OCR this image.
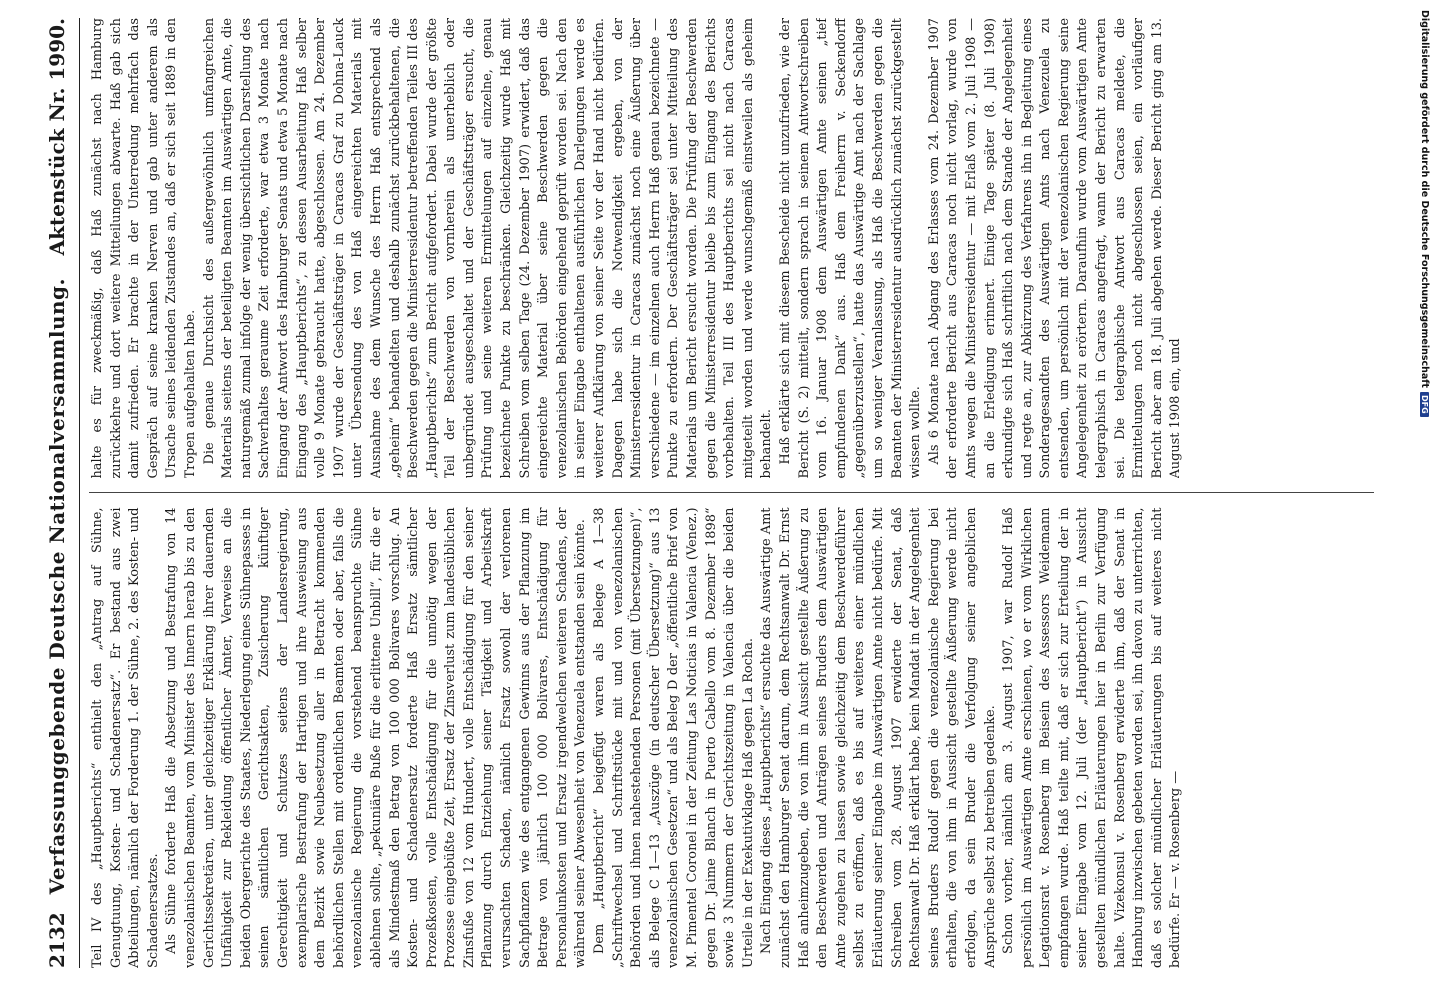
2132
Verfassunggebende Deutsche Nationalversammlung.
Aktenstück Nr. 1990.

Teil IV des „Hauptberichts“ enthielt den „Antrag auf Sühne, Genugtuung, Kosten- und Schadenersatz“. Er bestand aus zwei Abteilungen, nämlich der Forderung 1. der Sühne, 2. des Kosten- und Schadenersatzes. Als Sühne forderte Haß die Absetzung und Bestrafung von 14 venezolanischen Beamten, vom Minister des Innern herab bis zu den Gerichtssekretären, unter gleichzeitiger Erklärung ihrer dauernden Unfähigkeit zur Bekleidung öffentlicher Ämter, Verweise an die beiden Obergerichte des Staates, Niederlegung eines Sühnepasses in seinen sämtlichen Gerichtsakten, Zusicherung künftiger Gerechtigkeit und Schutzes seitens der Landesregierung, exemplarische Bestrafung der Hartigen und ihre Ausweisung aus dem Bezirk sowie Neubesetzung aller in Betracht kommenden behördlichen Stellen mit ordentlichen Beamten oder aber, falls die venezolanische Regierung die vorstehend beanspruchte Sühne ablehnen sollte, „pekuniäre Buße für die erlittene Unbill“, für die er als Mindestmaß den Betrag von 100 000 Bolivares vorschlug. An Kosten- und Schadenersatz forderte Haß Ersatz sämtlicher Prozeßkosten, volle Entschädigung für die unnötig wegen der Prozesse eingebüßte Zeit, Ersatz der Zinsverlust zum landesüblichen Zinsfuße von 12 vom Hundert, volle Entschädigung für den seiner Pflanzung durch Entziehung seiner Tätigkeit und Arbeitskraft verursachten Schaden, nämlich Ersatz sowohl der verlorenen Sachpflanzen wie des entgangenen Gewinns aus der Pflanzung im Betrage von jährlich 100 000 Bolivares, Entschädigung für Personalunkosten und Ersatz irgendwelchen weiteren Schadens, der während seiner Abwesenheit von Venezuela entstanden sein könnte. Dem „Hauptbericht“ beigefügt waren als Belege A 1—38 „Schriftwechsel und Schriftstücke mit und von venezolanischen Behörden und ihnen nahestehenden Personen (mit Übersetzungen)“, als Belege C 1—13 „Auszüge (in deutscher Übersetzung)“ aus 13 venezolanischen Gesetzen“ und als Beleg D der „öffentliche Brief von M. Pimentel Coronel in der Zeitung Las Noticias in Valencia (Venez.) gegen Dr. Jaime Blanch in Puerto Cabello vom 8. Dezember 1898“ sowie 3 Nummern der Gerichtszeitung in Valencia über die beiden Urteile in der Exekutivklage Haß gegen La Rocha. Nach Eingang dieses „Hauptberichts“ ersuchte das Auswärtige Amt zunächst den Hamburger Senat darum, dem Rechtsanwalt Dr. Ernst Haß anheimzugeben, die von ihm in Aussicht gestellte Äußerung zu den Beschwerden und Anträgen seines Bruders dem Auswärtigen Amte zugehen zu lassen sowie gleichzeitig dem Beschwerdeführer selbst zu eröffnen, daß es bis auf weiteres einer mündlichen Erläuterung seiner Eingabe im Auswärtigen Amte nicht bedürfe. Mit Schreiben vom 28. August 1907 erwiderte der Senat, daß Rechtsanwalt Dr. Haß erklärt habe, kein Mandat in der Angelegenheit seines Bruders Rudolf gegen die venezolanische Regierung bei erhalten, die von ihm in Aussicht gestellte Äußerung werde nicht erfolgen, da sein Bruder die Verfolgung seiner angeblichen Ansprüche selbst zu betreiben gedenke. Schon vorher, nämlich am 3. August 1907, war Rudolf Haß persönlich im Auswärtigen Amte erschienen, wo er vom Wirklichen Legationsrat v. Rosenberg im Beisein des Assessors Weidemann empfangen wurde. Haß teilte mit, daß er sich zur Erteilung der in seiner Eingabe vom 12. Juli (der „Hauptbericht“) in Aussicht gestellten mündlichen Erläuterungen hier in Berlin zur Verfügung halte. Vizekonsul v. Rosenberg erwiderte ihm, daß der Senat in Hamburg inzwischen gebeten worden sei, ihn davon zu unterrichten, daß es solcher mündlicher Erläuterungen bis auf weiteres nicht bedürfe. Er — v. Rosenberg —

halte es für zweckmäßig, daß Haß zunächst nach Hamburg zurückkehre und dort weitere Mitteilungen abwarte. Haß gab sich damit zufrieden. Er brachte in der Unterredung mehrfach das Gespräch auf seine kranken Nerven und gab unter anderem als Ursache seines leidenden Zustandes an, daß er sich seit 1889 in den Tropen aufgehalten habe. Die genaue Durchsicht des außergewöhnlich umfangreichen Materials seitens der beteiligten Beamten im Auswärtigen Amte, die naturgemäß zumal infolge der wenig übersichtlichen Darstellung des Sachverhaltes geraume Zeit erforderte, war etwa 3 Monate nach Eingang der Antwort des Hamburger Senats und etwa 5 Monate nach Eingang des „Hauptberichts“, zu dessen Ausarbeitung Haß selber volle 9 Monate gebraucht hatte, abgeschlossen. Am 24. Dezember 1907 wurde der Geschäftsträger in Caracas Graf zu Dohna-Lauck unter Übersendung des von Haß eingereichten Materials mit Ausnahme des dem Wunsche des Herrn Haß entsprechend als „geheim“ behandelten und deshalb zunächst zurückbehaltenen, die Beschwerden gegen die Ministerresidentur betreffenden Teiles III des „Hauptberichts“ zum Bericht aufgefordert. Dabei wurde der größte Teil der Beschwerden von vornherein als unerheblich oder unbegründet ausgeschaltet und der Geschäftsträger ersucht, die Prüfung und seine weiteren Ermittelungen auf einzelne, genau bezeichnete Punkte zu beschränken. Gleichzeitig wurde Haß mit Schreiben vom selben Tage (24. Dezember 1907) erwidert, daß das eingereichte Material über seine Beschwerden gegen die venezolanischen Behörden eingehend geprüft worden sei. Nach den in seiner Eingabe enthaltenen ausführlichen Darlegungen werde es weiterer Aufklärung von seiner Seite vor der Hand nicht bedürfen. Dagegen habe sich die Notwendigkeit ergeben, von der Ministerresidentur in Caracas zunächst noch eine Äußerung über verschiedene — im einzelnen auch Herrn Haß genau bezeichnete — Punkte zu erfordern. Der Geschäftsträger sei unter Mitteilung des Materials um Bericht ersucht worden. Die Prüfung der Beschwerden gegen die Ministerresidentur bleibe bis zum Eingang des Berichts vorbehalten. Teil III des Hauptberichts sei nicht nach Caracas mitgeteilt worden und werde wunschgemäß einstweilen als geheim behandelt. Haß erklärte sich mit diesem Bescheide nicht unzufrieden, wie der Bericht (S. 2) mitteilt, sondern sprach in seinem Antwortschreiben vom 16. Januar 1908 dem Auswärtigen Amte seinen „tief empfundenen Dank“ aus. Haß dem Freiherrn v. Seckendorff „gegenüberzustellen“, hatte das Auswärtige Amt nach der Sachlage um so weniger Veranlassung, als Haß die Beschwerden gegen die Beamten der Ministerresidentur ausdrücklich zunächst zurückgestellt wissen wollte. Als 6 Monate nach Abgang des Erlasses vom 24. Dezember 1907 der erforderte Bericht aus Caracas noch nicht vorlag, wurde von Amts wegen die Ministerresidentur — mit Erlaß vom 2. Juli 1908 — an die Erledigung erinnert. Einige Tage später (8. Juli 1908) erkundigte sich Haß schriftlich nach dem Stande der Angelegenheit und regte an, zur Abkürzung des Verfahrens ihn in Begleitung eines Sonderagesandten des Auswärtigen Amts nach Venezuela zu entsenden, um persönlich mit der venezolanischen Regierung seine Angelegenheit zu erörtern. Daraufhin wurde vom Auswärtigen Amte telegraphisch in Caracas angefragt, wann der Bericht zu erwarten sei. Die telegraphische Antwort aus Caracas meldete, die Ermittelungen noch nicht abgeschlossen seien, ein vorläufiger Bericht aber am 18. Juli abgehen werde. Dieser Bericht ging am 13. August 1908 ein, und

Digitalisierung gefördert durch die Deutsche Forschungsgemeinschaft
DFG
